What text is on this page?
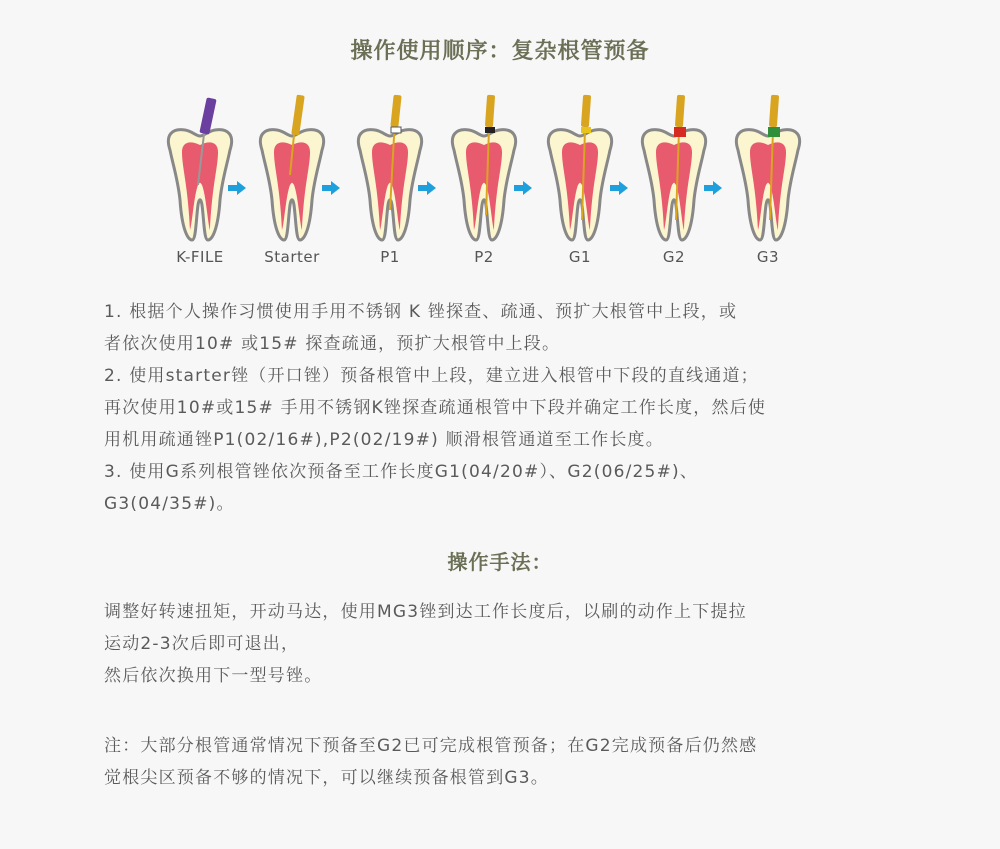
操作使用顺序：复杂根管预备
K-FILE	Starter	P1	P2	G1	G2	G3

1. 根据个人操作习惯使用手用不锈钢 K 锉探查、疏通、预扩大根管中上段，或

者依次使用10# 或15# 探查疏通，预扩大根管中上段。

2. 使用starter锉（开口锉）预备根管中上段，建立进入根管中下段的直线通道；

再次使用10#或15# 手用不锈钢K锉探查疏通根管中下段并确定工作长度，然后使

用机用疏通锉P1(02/16#),P2(02/19#) 顺滑根管通道至工作长度。

3. 使用G系列根管锉依次预备至工作长度G1(04/20#）、G2(06/25#)、

G3(04/35#)。

操作手法：

调整好转速扭矩，开动马达，使用MG3锉到达工作长度后，以刷的动作上下提拉

运动2-3次后即可退出，

然后依次换用下一型号锉。

注：大部分根管通常情况下预备至G2已可完成根管预备；在G2完成预备后仍然感

觉根尖区预备不够的情况下，可以继续预备根管到G3。
